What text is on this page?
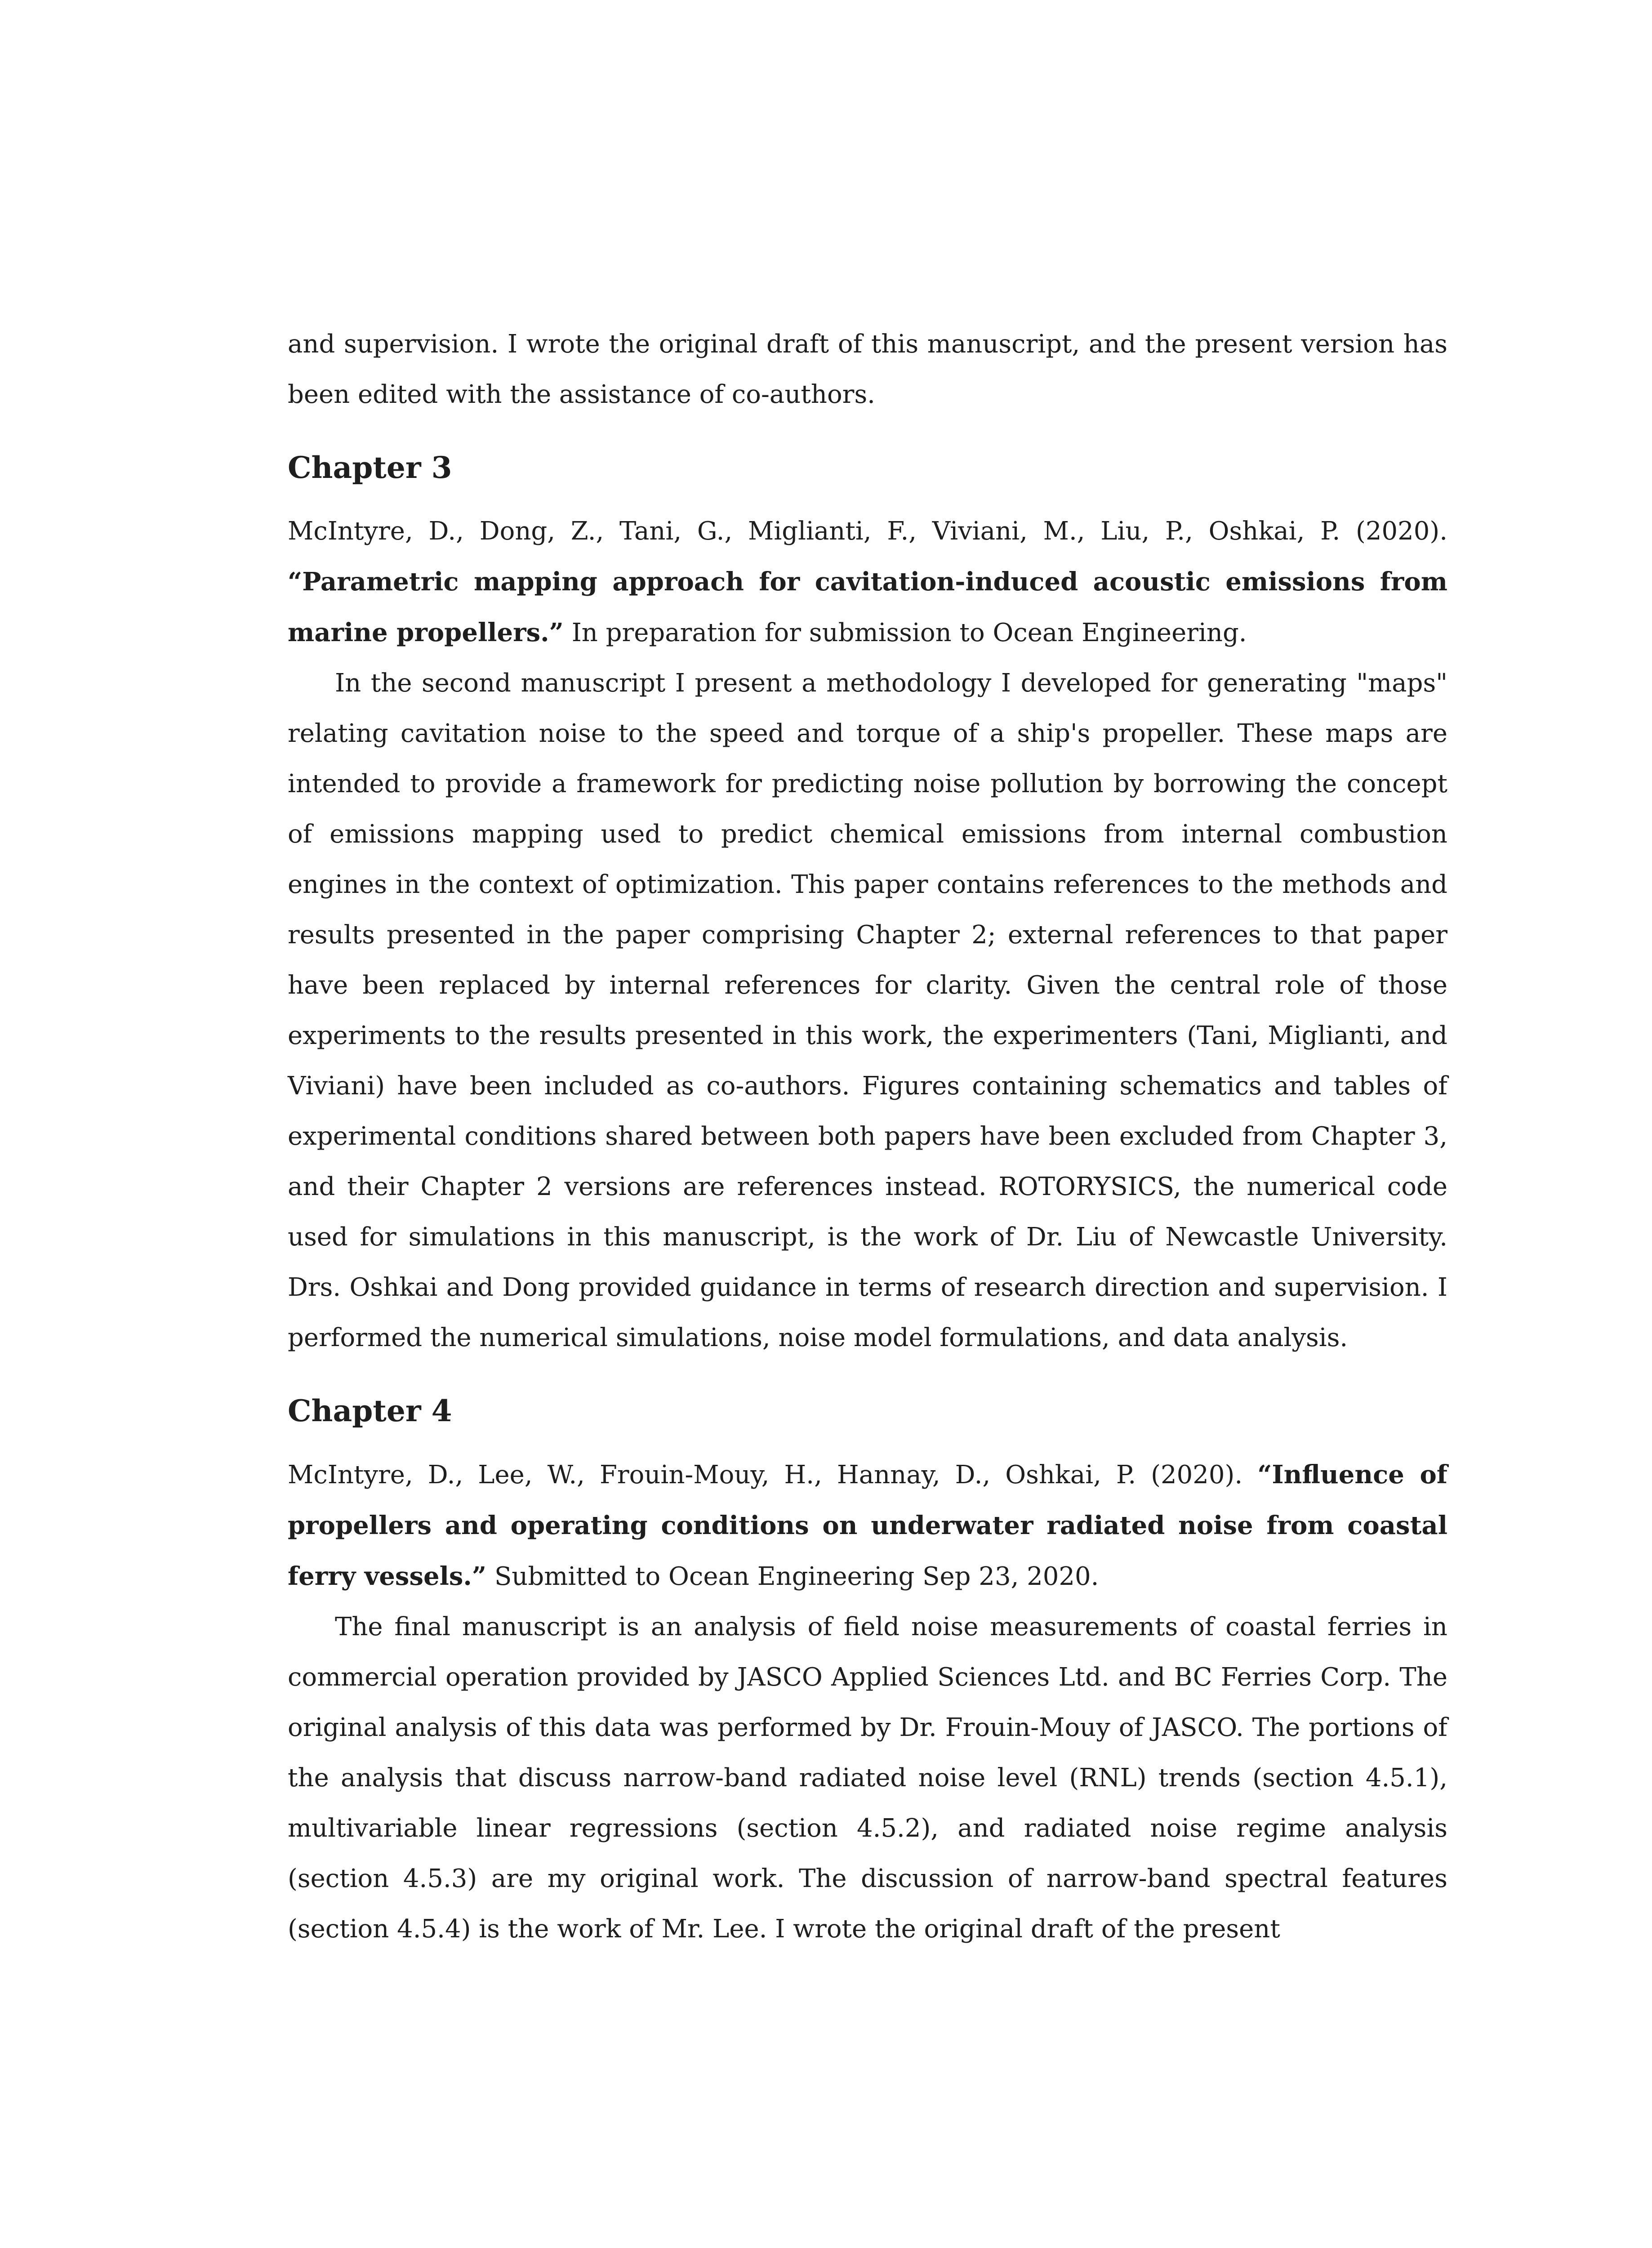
and supervision. I wrote the original draft of this manuscript, and the present version has been edited with the assistance of co-authors.

Chapter 3

McIntyre, D., Dong, Z., Tani, G., Miglianti, F., Viviani, M., Liu, P., Oshkai, P. (2020). “Parametric mapping approach for cavitation-induced acoustic emissions from marine propellers.” In preparation for submission to Ocean Engineering.

In the second manuscript I present a methodology I developed for generating "maps" relating cavitation noise to the speed and torque of a ship's propeller. These maps are intended to provide a framework for predicting noise pollution by borrowing the concept of emissions mapping used to predict chemical emissions from internal combustion engines in the context of optimization. This paper contains references to the methods and results presented in the paper comprising Chapter 2; external references to that paper have been replaced by internal references for clarity. Given the central role of those experiments to the results presented in this work, the experimenters (Tani, Miglianti, and Viviani) have been included as co-authors. Figures containing schematics and tables of experimental conditions shared between both papers have been excluded from Chapter 3, and their Chapter 2 versions are references instead. ROTORYSICS, the numerical code used for simulations in this manuscript, is the work of Dr. Liu of Newcastle University. Drs. Oshkai and Dong provided guidance in terms of research direction and supervision. I performed the numerical simulations, noise model formulations, and data analysis.

Chapter 4

McIntyre, D., Lee, W., Frouin-Mouy, H., Hannay, D., Oshkai, P. (2020). “Influence of propellers and operating conditions on underwater radiated noise from coastal ferry vessels.” Submitted to Ocean Engineering Sep 23, 2020.

The final manuscript is an analysis of field noise measurements of coastal ferries in commercial operation provided by JASCO Applied Sciences Ltd. and BC Ferries Corp. The original analysis of this data was performed by Dr. Frouin-Mouy of JASCO. The portions of the analysis that discuss narrow-band radiated noise level (RNL) trends (section 4.5.1), multivariable linear regressions (section 4.5.2), and radiated noise regime analysis (section 4.5.3) are my original work. The discussion of narrow-band spectral features (section 4.5.4) is the work of Mr. Lee. I wrote the original draft of the present
